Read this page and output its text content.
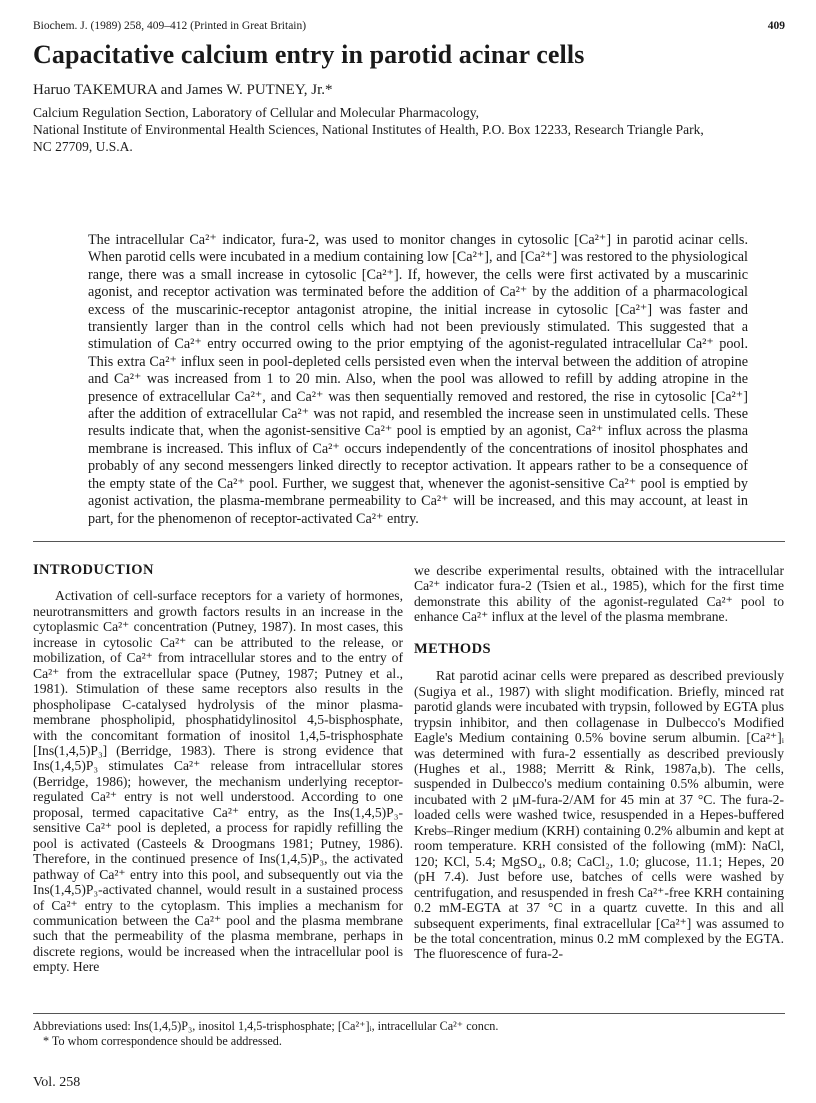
Biochem. J. (1989) 258, 409–412 (Printed in Great Britain)	409
Capacitative calcium entry in parotid acinar cells
Haruo TAKEMURA and James W. PUTNEY, Jr.*
Calcium Regulation Section, Laboratory of Cellular and Molecular Pharmacology,
National Institute of Environmental Health Sciences, National Institutes of Health, P.O. Box 12233, Research Triangle Park,
NC 27709, U.S.A.
The intracellular Ca²⁺ indicator, fura-2, was used to monitor changes in cytosolic [Ca²⁺] in parotid acinar cells. When parotid cells were incubated in a medium containing low [Ca²⁺], and [Ca²⁺] was restored to the physiological range, there was a small increase in cytosolic [Ca²⁺]. If, however, the cells were first activated by a muscarinic agonist, and receptor activation was terminated before the addition of Ca²⁺ by the addition of a pharmacological excess of the muscarinic-receptor antagonist atropine, the initial increase in cytosolic [Ca²⁺] was faster and transiently larger than in the control cells which had not been previously stimulated. This suggested that a stimulation of Ca²⁺ entry occurred owing to the prior emptying of the agonist-regulated intracellular Ca²⁺ pool. This extra Ca²⁺ influx seen in pool-depleted cells persisted even when the interval between the addition of atropine and Ca²⁺ was increased from 1 to 20 min. Also, when the pool was allowed to refill by adding atropine in the presence of extracellular Ca²⁺, and Ca²⁺ was then sequentially removed and restored, the rise in cytosolic [Ca²⁺] after the addition of extracellular Ca²⁺ was not rapid, and resembled the increase seen in unstimulated cells. These results indicate that, when the agonist-sensitive Ca²⁺ pool is emptied by an agonist, Ca²⁺ influx across the plasma membrane is increased. This influx of Ca²⁺ occurs independently of the concentrations of inositol phosphates and probably of any second messengers linked directly to receptor activation. It appears rather to be a consequence of the empty state of the Ca²⁺ pool. Further, we suggest that, whenever the agonist-sensitive Ca²⁺ pool is emptied by agonist activation, the plasma-membrane permeability to Ca²⁺ will be increased, and this may account, at least in part, for the phenomenon of receptor-activated Ca²⁺ entry.
INTRODUCTION

Activation of cell-surface receptors for a variety of hormones, neurotransmitters and growth factors results in an increase in the cytoplasmic Ca²⁺ concentration (Putney, 1987). In most cases, this increase in cytosolic Ca²⁺ can be attributed to the release, or mobilization, of Ca²⁺ from intracellular stores and to the entry of Ca²⁺ from the extracellular space (Putney, 1987; Putney et al., 1981). Stimulation of these same receptors also results in the phospholipase C-catalysed hydrolysis of the minor plasma-membrane phospholipid, phosphatidylinositol 4,5-bisphosphate, with the concomitant formation of inositol 1,4,5-trisphosphate [Ins(1,4,5)P₃] (Berridge, 1983). There is strong evidence that Ins(1,4,5)P₃ stimulates Ca²⁺ release from intracellular stores (Berridge, 1986); however, the mechanism underlying receptor-regulated Ca²⁺ entry is not well understood. According to one proposal, termed capacitative Ca²⁺ entry, as the Ins(1,4,5)P₃-sensitive Ca²⁺ pool is depleted, a process for rapidly refilling the pool is activated (Casteels & Droogmans 1981; Putney, 1986). Therefore, in the continued presence of Ins(1,4,5)P₃, the activated pathway of Ca²⁺ entry into this pool, and subsequently out via the Ins(1,4,5)P₃-activated channel, would result in a sustained process of Ca²⁺ entry to the cytoplasm. This implies a mechanism for communication between the Ca²⁺ pool and the plasma membrane such that the permeability of the plasma membrane, perhaps in discrete regions, would be increased when the intracellular pool is empty. Here

we describe experimental results, obtained with the intracellular Ca²⁺ indicator fura-2 (Tsien et al., 1985), which for the first time demonstrate this ability of the agonist-regulated Ca²⁺ pool to enhance Ca²⁺ influx at the level of the plasma membrane.

METHODS

Rat parotid acinar cells were prepared as described previously (Sugiya et al., 1987) with slight modification. Briefly, minced rat parotid glands were incubated with trypsin, followed by EGTA plus trypsin inhibitor, and then collagenase in Dulbecco's Modified Eagle's Medium containing 0.5% bovine serum albumin. [Ca²⁺]ᵢ was determined with fura-2 essentially as described previously (Hughes et al., 1988; Merritt & Rink, 1987a,b). The cells, suspended in Dulbecco's medium containing 0.5% albumin, were incubated with 2 μM-fura-2/AM for 45 min at 37 °C. The fura-2-loaded cells were washed twice, resuspended in a Hepes-buffered Krebs–Ringer medium (KRH) containing 0.2% albumin and kept at room temperature. KRH consisted of the following (mM): NaCl, 120; KCl, 5.4; MgSO₄, 0.8; CaCl₂, 1.0; glucose, 11.1; Hepes, 20 (pH 7.4). Just before use, batches of cells were washed by centrifugation, and resuspended in fresh Ca²⁺-free KRH containing 0.2 mM-EGTA at 37 °C in a quartz cuvette. In this and all subsequent experiments, final extracellular [Ca²⁺] was assumed to be the total concentration, minus 0.2 mM complexed by the EGTA. The fluorescence of fura-2-

Abbreviations used: Ins(1,4,5)P₃, inositol 1,4,5-trisphosphate; [Ca²⁺]ᵢ, intracellular Ca²⁺ concn.
* To whom correspondence should be addressed.
Vol. 258
